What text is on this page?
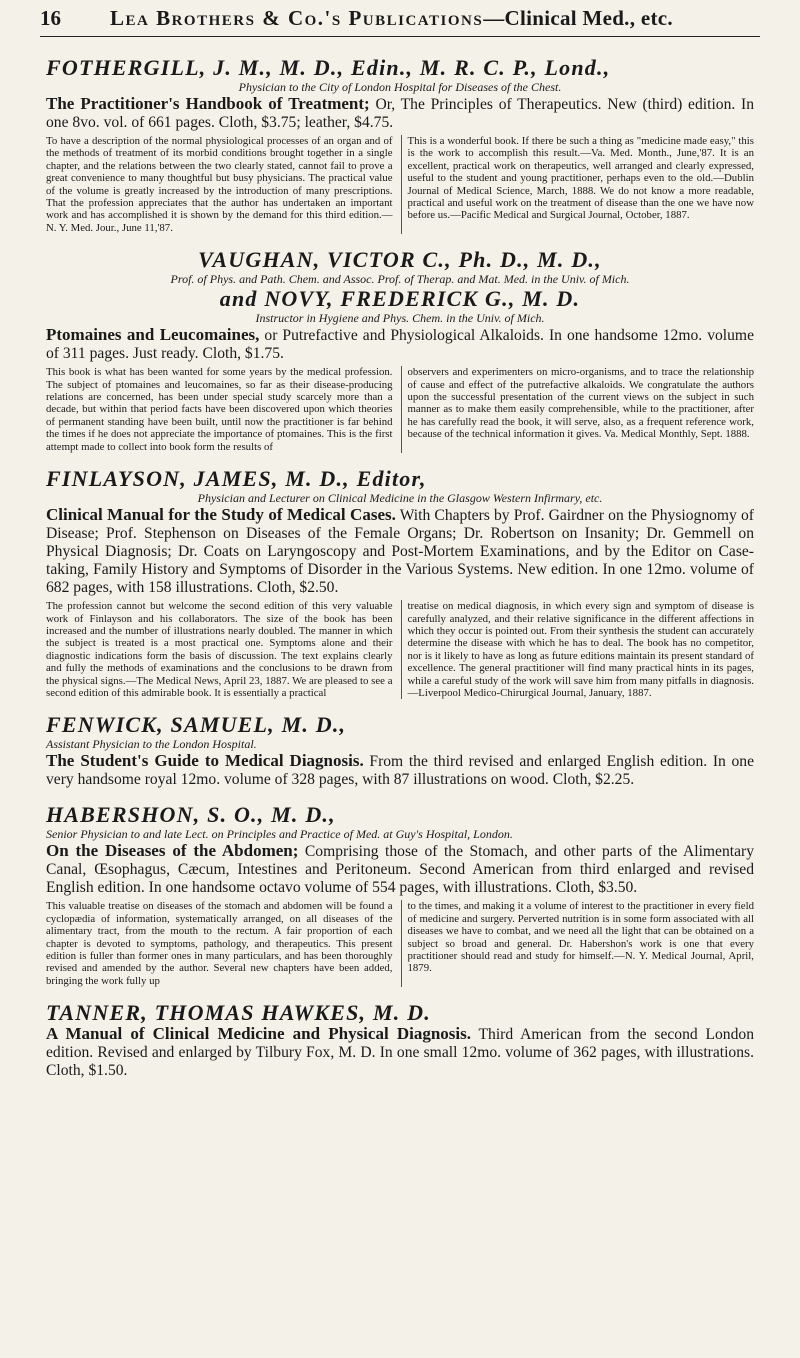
16	Lea Brothers & Co.'s Publications—Clinical Med., etc.
FOTHERGILL, J. M., M. D., Edin., M. R. C. P., Lond.,
Physician to the City of London Hospital for Diseases of the Chest.
The Practitioner's Handbook of Treatment; Or, The Principles of Therapeutics. New (third) edition. In one 8vo. vol. of 661 pages. Cloth, $3.75; leather, $4.75.
To have a description of the normal physiological processes of an organ and of the methods of treatment of its morbid conditions brought together in a single chapter, and the relations between the two clearly stated, cannot fail to prove a great convenience to many thoughtful but busy physicians. The practical value of the volume is greatly increased by the introduction of many prescriptions. That the profession appreciates that the author has undertaken an important work and has accomplished it is shown by the demand for this third edition.—N. Y. Med. Jour., June 11,'87.
This is a wonderful book. If there be such a thing as "medicine made easy," this is the work to accomplish this result.—Va. Med. Month., June,'87. It is an excellent, practical work on therapeutics, well arranged and clearly expressed, useful to the student and young practitioner, perhaps even to the old.—Dublin Journal of Medical Science, March, 1888. We do not know a more readable, practical and useful work on the treatment of disease than the one we have now before us.—Pacific Medical and Surgical Journal, October, 1887.
VAUGHAN, VICTOR C., Ph. D., M. D.,
Prof. of Phys. and Path. Chem. and Assoc. Prof. of Therap. and Mat. Med. in the Univ. of Mich.
and NOVY, FREDERICK G., M. D.
Instructor in Hygiene and Phys. Chem. in the Univ. of Mich.
Ptomaines and Leucomaines, or Putrefactive and Physiological Alkaloids. In one handsome 12mo. volume of 311 pages. Just ready. Cloth, $1.75.
This book is what has been wanted for some years by the medical profession. The subject of ptomaines and leucomaines, so far as their disease-producing relations are concerned, has been under special study scarcely more than a decade, but within that period facts have been discovered upon which theories of permanent standing have been built, until now the practitioner is far behind the times if he does not appreciate the importance of ptomaines. This is the first attempt made to collect into book form the results of
observers and experimenters on micro-organisms, and to trace the relationship of cause and effect of the putrefactive alkaloids. We congratulate the authors upon the successful presentation of the current views on the subject in such manner as to make them easily comprehensible, while to the practitioner, after he has carefully read the book, it will serve, also, as a frequent reference work, because of the technical information it gives. Va. Medical Monthly, Sept. 1888.
FINLAYSON, JAMES, M. D., Editor,
Physician and Lecturer on Clinical Medicine in the Glasgow Western Infirmary, etc.
Clinical Manual for the Study of Medical Cases. With Chapters by Prof. Gairdner on the Physiognomy of Disease; Prof. Stephenson on Diseases of the Female Organs; Dr. Robertson on Insanity; Dr. Gemmell on Physical Diagnosis; Dr. Coats on Laryngoscopy and Post-Mortem Examinations, and by the Editor on Case-taking, Family History and Symptoms of Disorder in the Various Systems. New edition. In one 12mo. volume of 682 pages, with 158 illustrations. Cloth, $2.50.
The profession cannot but welcome the second edition of this very valuable work of Finlayson and his collaborators. The size of the book has been increased and the number of illustrations nearly doubled. The manner in which the subject is treated is a most practical one. Symptoms alone and their diagnostic indications form the basis of discussion. The text explains clearly and fully the methods of examinations and the conclusions to be drawn from the physical signs.—The Medical News, April 23, 1887. We are pleased to see a second edition of this admirable book. It is essentially a practical
treatise on medical diagnosis, in which every sign and symptom of disease is carefully analyzed, and their relative significance in the different affections in which they occur is pointed out. From their synthesis the student can accurately determine the disease with which he has to deal. The book has no competitor, nor is it likely to have as long as future editions maintain its present standard of excellence. The general practitioner will find many practical hints in its pages, while a careful study of the work will save him from many pitfalls in diagnosis.—Liverpool Medico-Chirurgical Journal, January, 1887.
FENWICK, SAMUEL, M. D.,
Assistant Physician to the London Hospital.
The Student's Guide to Medical Diagnosis. From the third revised and enlarged English edition. In one very handsome royal 12mo. volume of 328 pages, with 87 illustrations on wood. Cloth, $2.25.
HABERSHON, S. O., M. D.,
Senior Physician to and late Lect. on Principles and Practice of Med. at Guy's Hospital, London.
On the Diseases of the Abdomen; Comprising those of the Stomach, and other parts of the Alimentary Canal, Œsophagus, Cæcum, Intestines and Peritoneum. Second American from third enlarged and revised English edition. In one handsome octavo volume of 554 pages, with illustrations. Cloth, $3.50.
This valuable treatise on diseases of the stomach and abdomen will be found a cyclopædia of information, systematically arranged, on all diseases of the alimentary tract, from the mouth to the rectum. A fair proportion of each chapter is devoted to symptoms, pathology, and therapeutics. This present edition is fuller than former ones in many particulars, and has been thoroughly revised and amended by the author. Several new chapters have been added, bringing the work fully up
to the times, and making it a volume of interest to the practitioner in every field of medicine and surgery. Perverted nutrition is in some form associated with all diseases we have to combat, and we need all the light that can be obtained on a subject so broad and general. Dr. Habershon's work is one that every practitioner should read and study for himself.—N. Y. Medical Journal, April, 1879.
TANNER, THOMAS HAWKES, M. D.
A Manual of Clinical Medicine and Physical Diagnosis. Third American from the second London edition. Revised and enlarged by Tilbury Fox, M. D. In one small 12mo. volume of 362 pages, with illustrations. Cloth, $1.50.
